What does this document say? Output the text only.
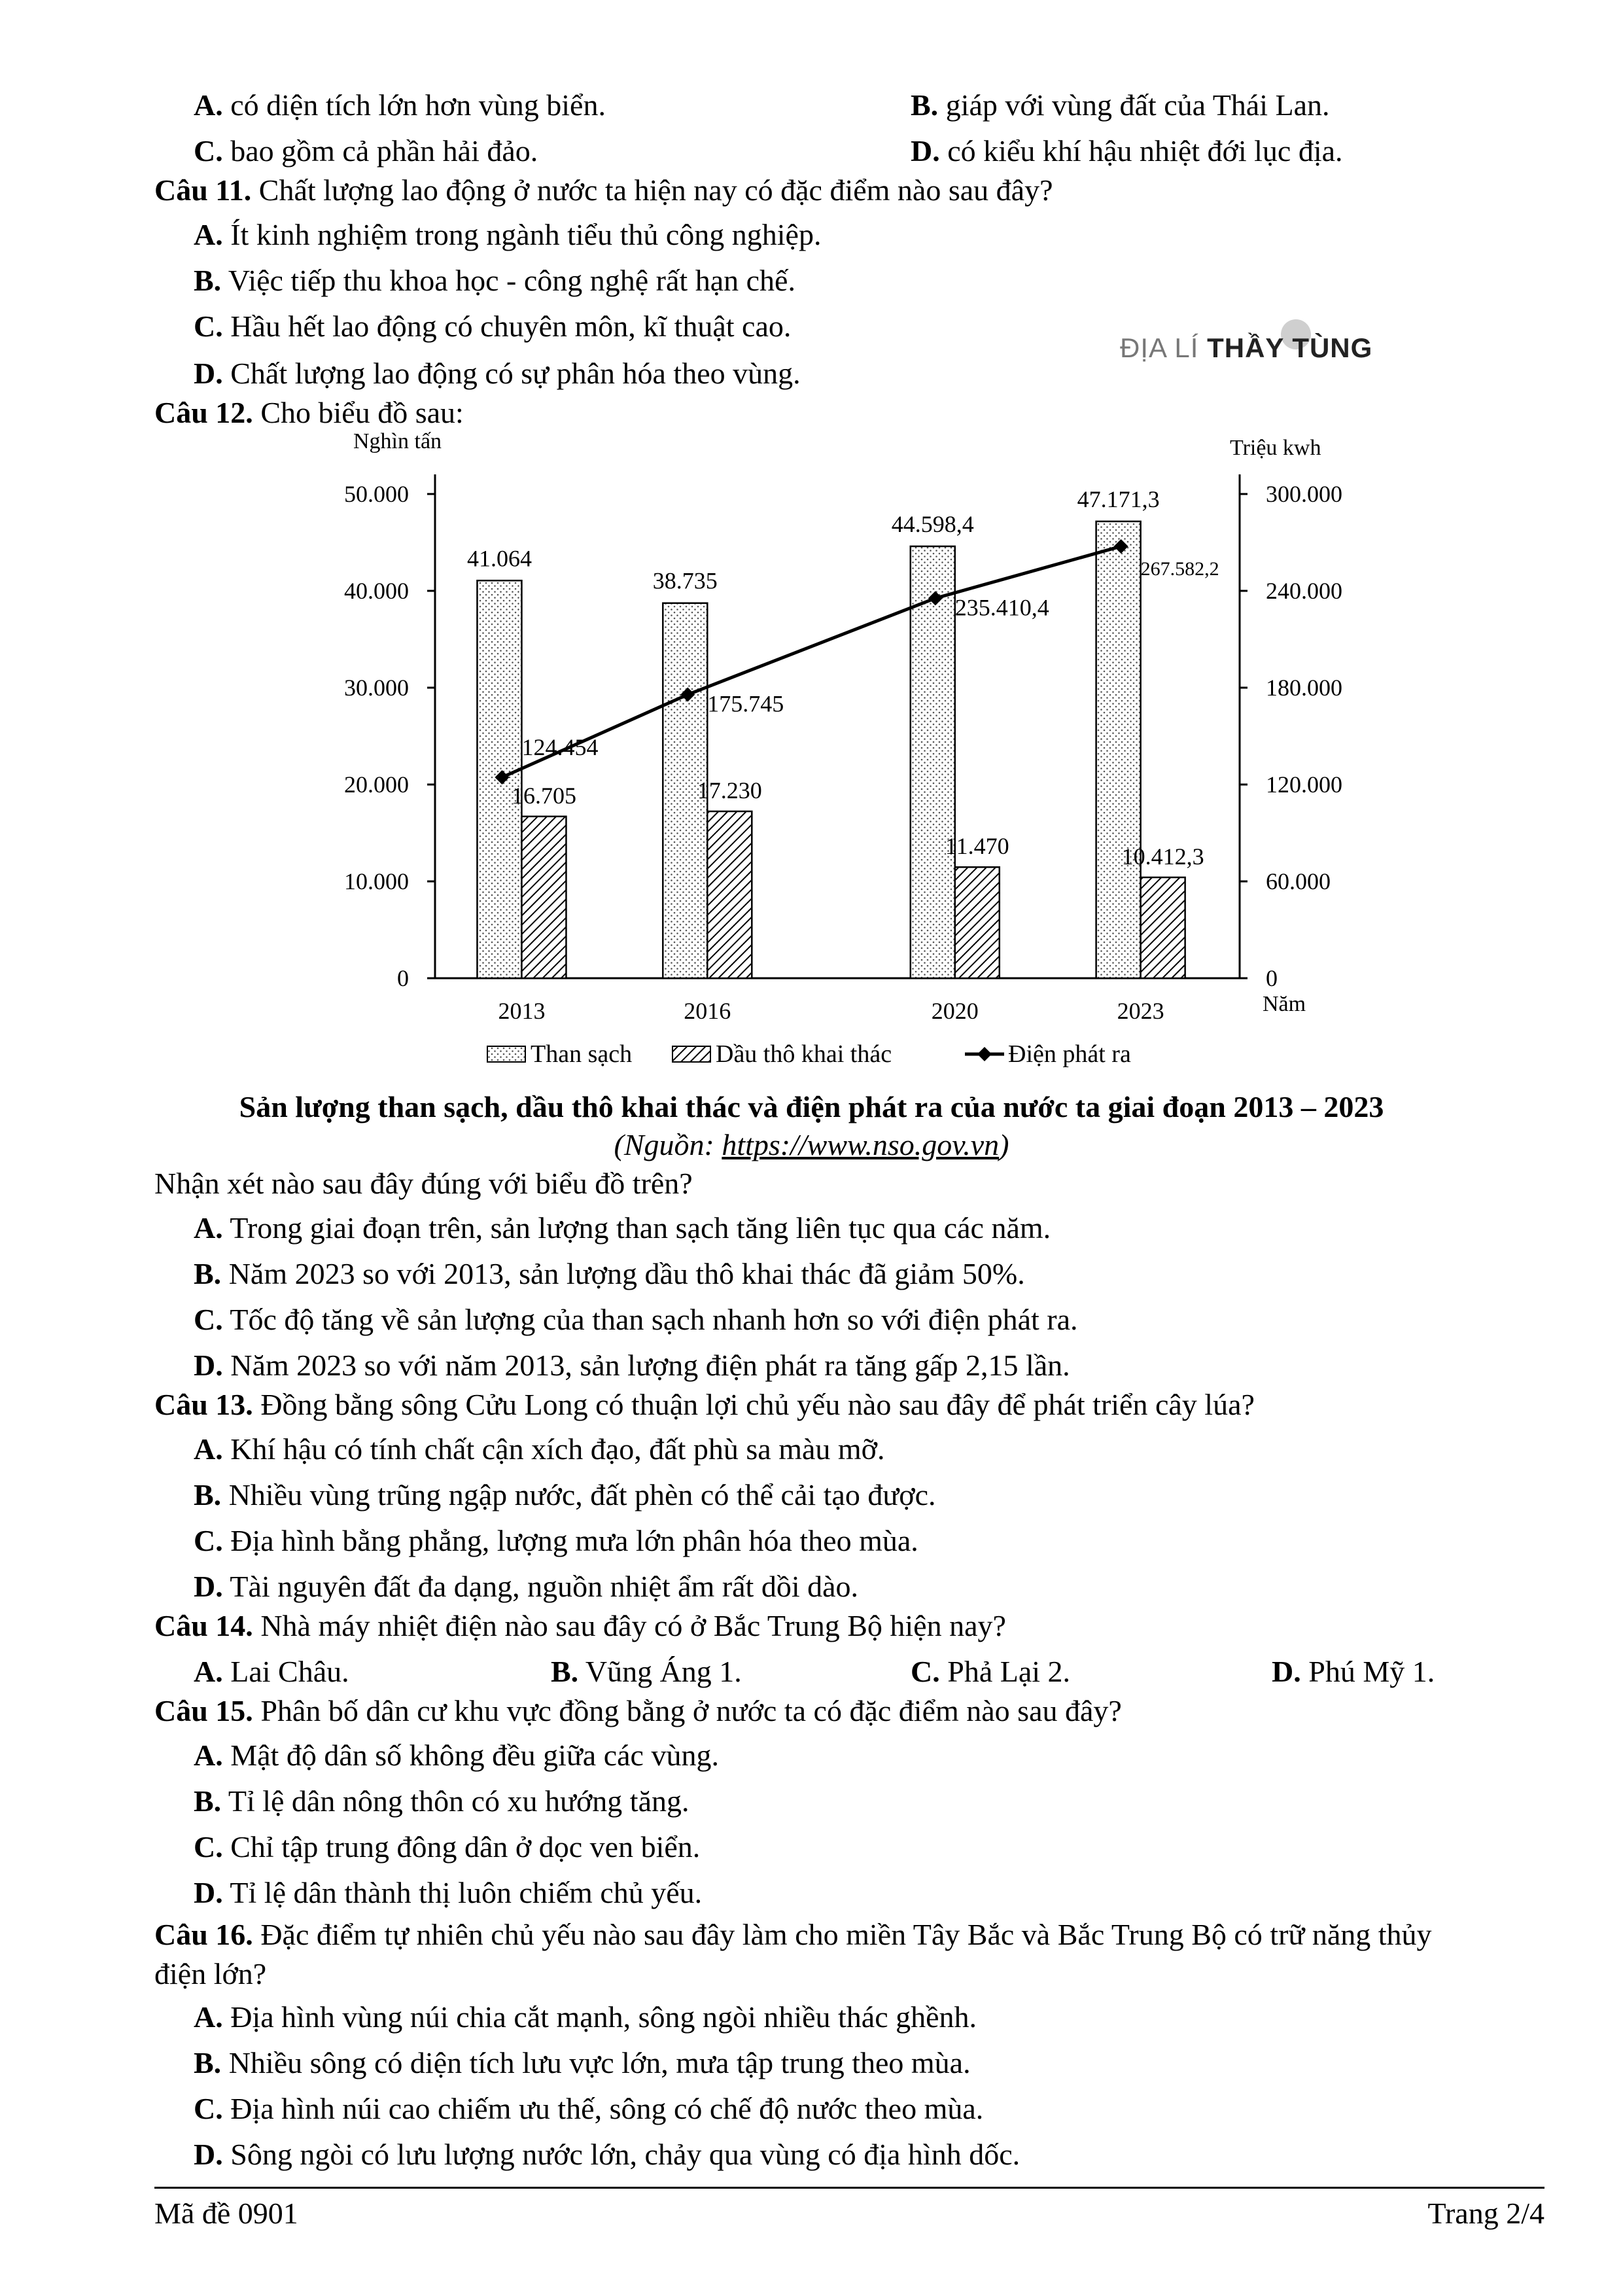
A. có diện tích lớn hơn vùng biển.	B. giáp với vùng đất của Thái Lan.
C. bao gồm cả phần hải đảo.	D. có kiểu khí hậu nhiệt đới lục địa.
Câu 11. Chất lượng lao động ở nước ta hiện nay có đặc điểm nào sau đây?
A. Ít kinh nghiệm trong ngành tiểu thủ công nghiệp.
B. Việc tiếp thu khoa học - công nghệ rất hạn chế.
C. Hầu hết lao động có chuyên môn, kĩ thuật cao.
D. Chất lượng lao động có sự phân hóa theo vùng.
ĐỊA LÍ THẦY TÙNG
Câu 12. Cho biểu đồ sau:
0
10.000
20.000
30.000
40.000
50.000
0
60.000
120.000
180.000
240.000
300.000
Nghìn tấn	Triệu kwh
Năm
41.064
16.705
2013
38.735
17.230
2016
44.598,4
11.470
2020
47.171,3
10.412,3
2023
124.454
175.745
235.410,4
267.582,2
Than sạch	Dầu thô khai thác	Điện phát ra
Sản lượng than sạch, dầu thô khai thác và điện phát ra của nước ta giai đoạn 2013 – 2023
(Nguồn: https://www.nso.gov.vn)
Nhận xét nào sau đây đúng với biểu đồ trên?
A. Trong giai đoạn trên, sản lượng than sạch tăng liên tục qua các năm.
B. Năm 2023 so với 2013, sản lượng dầu thô khai thác đã giảm 50%.
C. Tốc độ tăng về sản lượng của than sạch nhanh hơn so với điện phát ra.
D. Năm 2023 so với năm 2013, sản lượng điện phát ra tăng gấp 2,15 lần.
Câu 13. Đồng bằng sông Cửu Long có thuận lợi chủ yếu nào sau đây để phát triển cây lúa?
A. Khí hậu có tính chất cận xích đạo, đất phù sa màu mỡ.
B. Nhiều vùng trũng ngập nước, đất phèn có thể cải tạo được.
C. Địa hình bằng phẳng, lượng mưa lớn phân hóa theo mùa.
D. Tài nguyên đất đa dạng, nguồn nhiệt ẩm rất dồi dào.
Câu 14. Nhà máy nhiệt điện nào sau đây có ở Bắc Trung Bộ hiện nay?
A. Lai Châu.	B. Vũng Áng 1.	C. Phả Lại 2.	D. Phú Mỹ 1.
Câu 15. Phân bố dân cư khu vực đồng bằng ở nước ta có đặc điểm nào sau đây?
A. Mật độ dân số không đều giữa các vùng.
B. Tỉ lệ dân nông thôn có xu hướng tăng.
C. Chỉ tập trung đông dân ở dọc ven biển.
D. Tỉ lệ dân thành thị luôn chiếm chủ yếu.
Câu 16. Đặc điểm tự nhiên chủ yếu nào sau đây làm cho miền Tây Bắc và Bắc Trung Bộ có trữ năng thủy
điện lớn?
A. Địa hình vùng núi chia cắt mạnh, sông ngòi nhiều thác ghềnh.
B. Nhiều sông có diện tích lưu vực lớn, mưa tập trung theo mùa.
C. Địa hình núi cao chiếm ưu thế, sông có chế độ nước theo mùa.
D. Sông ngòi có lưu lượng nước lớn, chảy qua vùng có địa hình dốc.
Mã đề 0901	Trang 2/4
